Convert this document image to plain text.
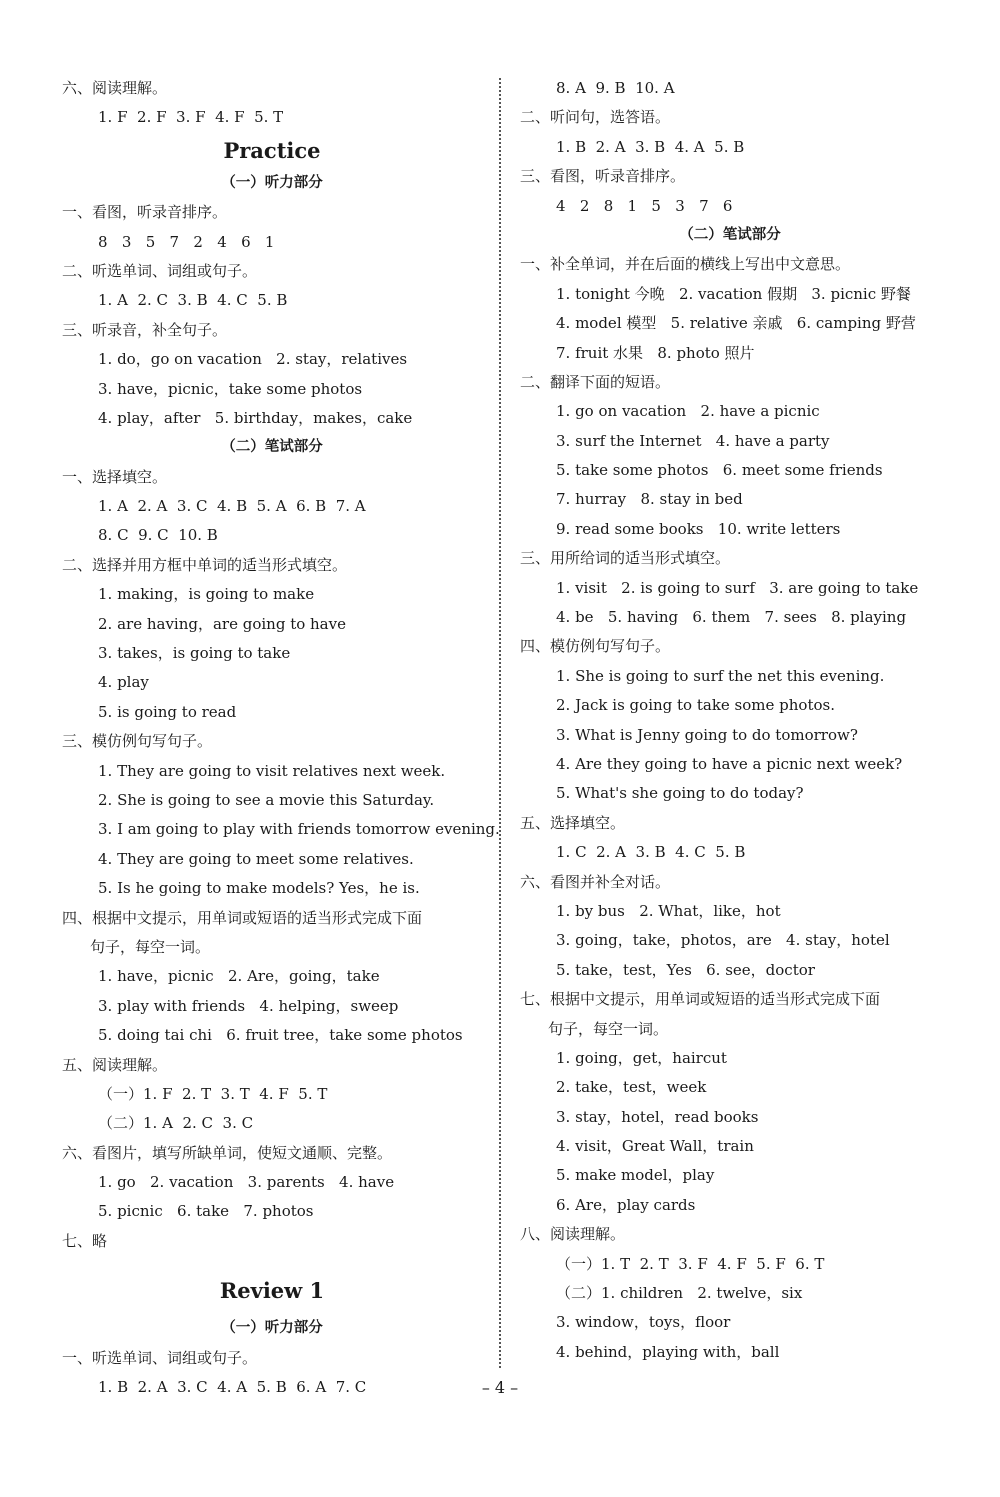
六、阅读理解。
1. F  2. F  3. F  4. F  5. T
Practice
（一）听力部分
一、看图，听录音排序。
8   3   5   7   2   4   6   1
二、听选单词、词组或句子。
1. A  2. C  3. B  4. C  5. B
三、听录音，补全句子。
1. do，go on vacation   2. stay，relatives
3. have，picnic，take some photos
4. play，after   5. birthday，makes，cake
（二）笔试部分
一、选择填空。
1. A  2. A  3. C  4. B  5. A  6. B  7. A
8. C  9. C  10. B
二、选择并用方框中单词的适当形式填空。
1. making，is going to make
2. are having，are going to have
3. takes，is going to take
4. play
5. is going to read
三、模仿例句写句子。
1. They are going to visit relatives next week.
2. She is going to see a movie this Saturday.
3. I am going to play with friends tomorrow evening.
4. They are going to meet some relatives.
5. Is he going to make models? Yes，he is.
四、根据中文提示，用单词或短语的适当形式完成下面
句子，每空一词。
1. have，picnic   2. Are，going，take
3. play with friends   4. helping，sweep
5. doing tai chi   6. fruit tree，take some photos
五、阅读理解。
（一）1. F  2. T  3. T  4. F  5. T
（二）1. A  2. C  3. C
六、看图片，填写所缺单词，使短文通顺、完整。
1. go   2. vacation   3. parents   4. have
5. picnic   6. take   7. photos
七、略
Review 1
（一）听力部分
一、听选单词、词组或句子。
1. B  2. A  3. C  4. A  5. B  6. A  7. C
8. A  9. B  10. A
二、听问句，选答语。
1. B  2. A  3. B  4. A  5. B
三、看图，听录音排序。
4   2   8   1   5   3   7   6
（二）笔试部分
一、补全单词，并在后面的横线上写出中文意思。
1. tonight 今晚   2. vacation 假期   3. picnic 野餐
4. model 模型   5. relative 亲戚   6. camping 野营
7. fruit 水果   8. photo 照片
二、翻译下面的短语。
1. go on vacation   2. have a picnic
3. surf the Internet   4. have a party
5. take some photos   6. meet some friends
7. hurray   8. stay in bed
9. read some books   10. write letters
三、用所给词的适当形式填空。
1. visit   2. is going to surf   3. are going to take
4. be   5. having   6. them   7. sees   8. playing
四、模仿例句写句子。
1. She is going to surf the net this evening.
2. Jack is going to take some photos.
3. What is Jenny going to do tomorrow?
4. Are they going to have a picnic next week?
5. What's she going to do today?
五、选择填空。
1. C  2. A  3. B  4. C  5. B
六、看图并补全对话。
1. by bus   2. What，like，hot
3. going，take，photos，are   4. stay，hotel
5. take，test，Yes   6. see，doctor
七、根据中文提示，用单词或短语的适当形式完成下面
句子，每空一词。
1. going，get，haircut
2. take，test，week
3. stay，hotel，read books
4. visit，Great Wall，train
5. make model，play
6. Are，play cards
八、阅读理解。
（一）1. T  2. T  3. F  4. F  5. F  6. T
（二）1. children   2. twelve，six
3. window，toys，floor
4. behind，playing with，ball
– 4 –
